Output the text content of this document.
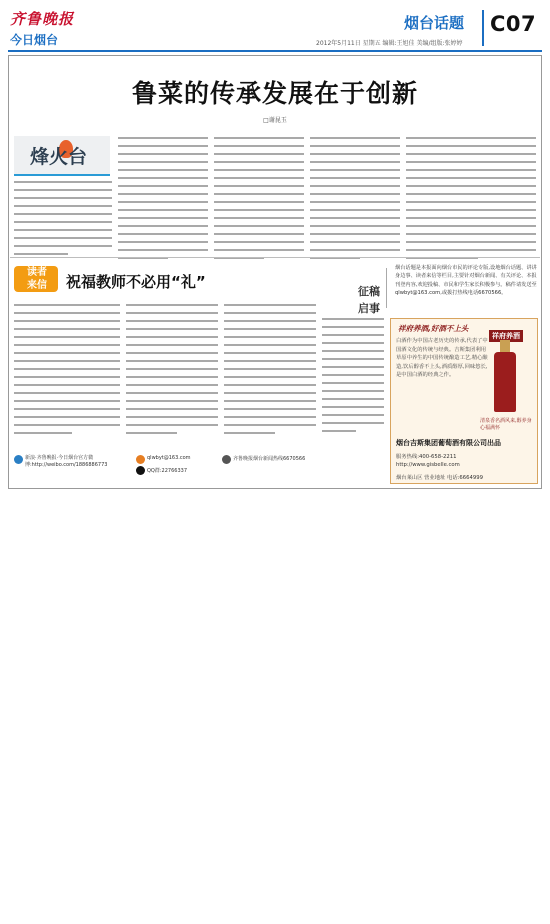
齐鲁晚报
今日烟台
烟台话题 C07
2012年5月11日 星期五 编辑:王旭佳 美编/组版:张婷婷
鲁菜的传承发展在于创新
□谢昆玉
烽火台
读者
来信	祝福教师不必用“礼”
新浪·齐鲁晚报·今日烟台官方微博:http://weibo.com/1886886773
qlwbyt@163.com
QQ群:22766337
齐鲁晚报烟台新闻热线6670566
征稿启事
烟台话题是本报面向烟台市民的评论专版,设地烟台话题、讲讲身边事、读者来信等栏目,主要针对烟台新闻、有关评论、本报刊登内容,欢迎投稿、市民和学生家长积极参与。稿件请发送至qlwbyt@163.com,或拨打热线电话6670566。
祥府养酒,好酒不上头
白酒作为中国古老历史的传承,代表了中国酒文化的传统与经典。吉斯集团利用草原中养生的中国传统酿造工艺,精心酿造,饮后醇香不上头,酒质醇厚,回味悠长,是中国白酒的经典之作。
祥府养酒
清泉香名酒风来,醇养身心福满怀
烟台吉斯集团葡萄酒有限公司出品
服务热线:400-658-2211
http://www.gisbelle.com
烟台莱山区 营业地址 电话:6664999
